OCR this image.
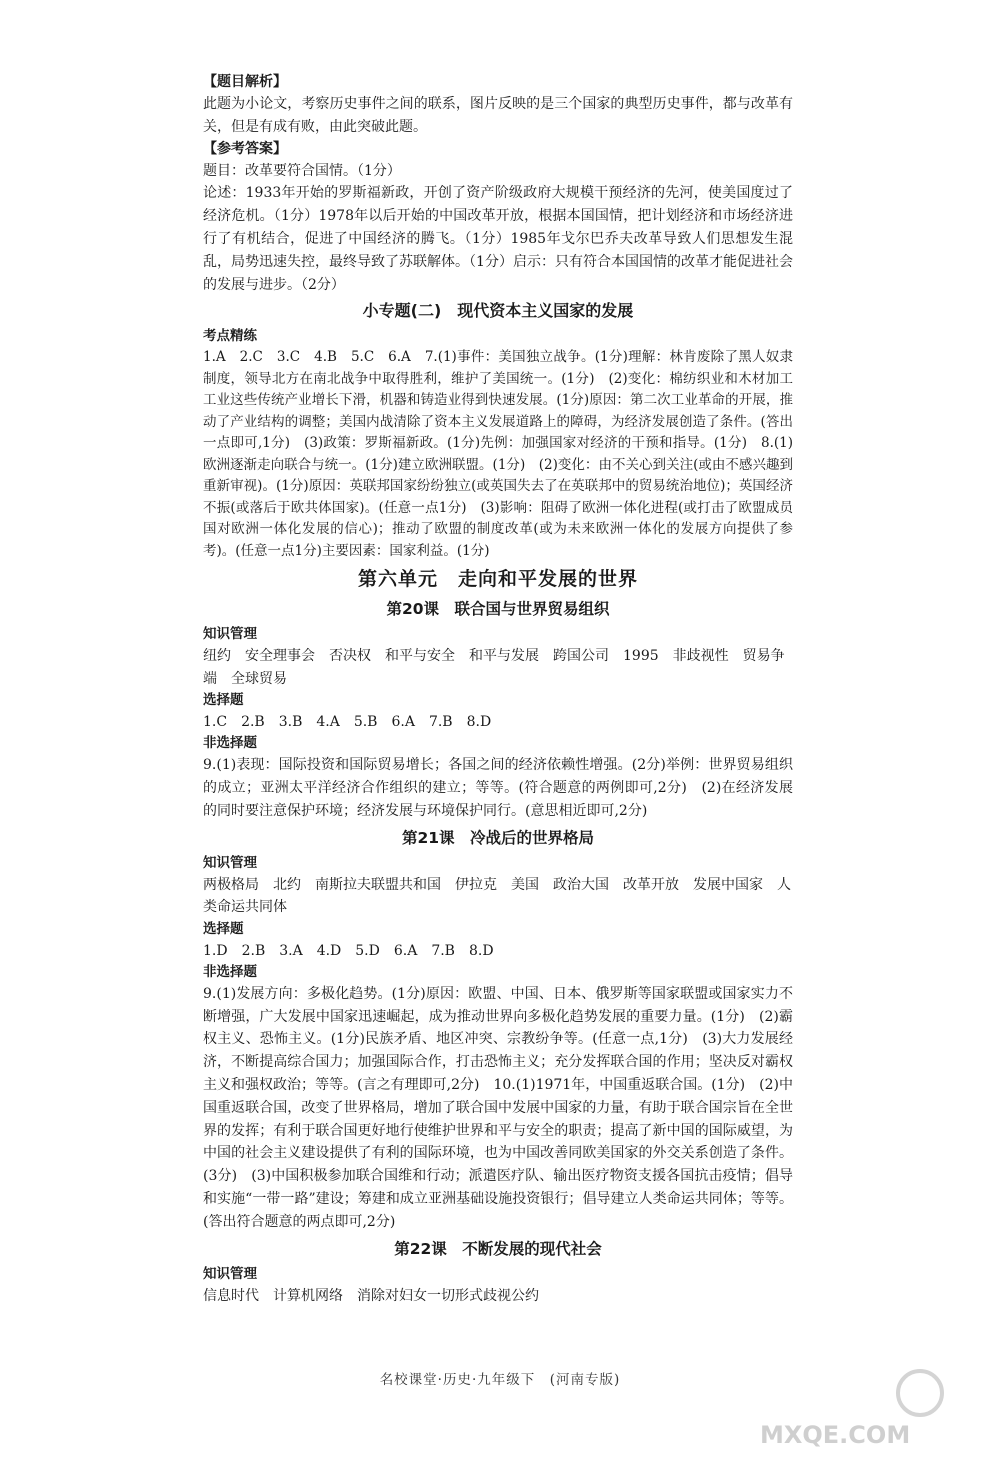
【题目解析】
此题为小论文，考察历史事件之间的联系，图片反映的是三个国家的典型历史事件，都与改革有关，但是有成有败，由此突破此题。
【参考答案】
题目：改革要符合国情。（1分）
论述：1933年开始的罗斯福新政，开创了资产阶级政府大规模干预经济的先河，使美国度过了经济危机。（1分）1978年以后开始的中国改革开放，根据本国国情，把计划经济和市场经济进行了有机结合，促进了中国经济的腾飞。（1分）1985年戈尔巴乔夫改革导致人们思想发生混乱，局势迅速失控，最终导致了苏联解体。（1分）启示：只有符合本国国情的改革才能促进社会的发展与进步。（2分）
小专题(二)　现代资本主义国家的发展
考点精练
1.A　2.C　3.C　4.B　5.C　6.A　7.(1)事件：美国独立战争。(1分)理解：林肯废除了黑人奴隶制度，领导北方在南北战争中取得胜利，维护了美国统一。(1分)　(2)变化：棉纺织业和木材加工工业这些传统产业增长下滑，机器和铸造业得到快速发展。(1分)原因：第二次工业革命的开展，推动了产业结构的调整；美国内战清除了资本主义发展道路上的障碍，为经济发展创造了条件。(答出一点即可,1分)　(3)政策：罗斯福新政。(1分)先例：加强国家对经济的干预和指导。(1分)　8.(1)欧洲逐渐走向联合与统一。(1分)建立欧洲联盟。(1分)　(2)变化：由不关心到关注(或由不感兴趣到重新审视)。(1分)原因：英联邦国家纷纷独立(或英国失去了在英联邦中的贸易统治地位)；英国经济不振(或落后于欧共体国家)。(任意一点1分)　(3)影响：阻碍了欧洲一体化进程(或打击了欧盟成员国对欧洲一体化发展的信心)；推动了欧盟的制度改革(或为未来欧洲一体化的发展方向提供了参考)。(任意一点1分)主要因素：国家利益。(1分)
第六单元　走向和平发展的世界
第20课　联合国与世界贸易组织
知识管理
纽约　安全理事会　否决权　和平与安全　和平与发展　跨国公司　1995　非歧视性　贸易争端　全球贸易
选择题
1.C　2.B　3.B　4.A　5.B　6.A　7.B　8.D
非选择题
9.(1)表现：国际投资和国际贸易增长；各国之间的经济依赖性增强。(2分)举例：世界贸易组织的成立；亚洲太平洋经济合作组织的建立；等等。(符合题意的两例即可,2分)　(2)在经济发展的同时要注意保护环境；经济发展与环境保护同行。(意思相近即可,2分)
第21课　冷战后的世界格局
知识管理
两极格局　北约　南斯拉夫联盟共和国　伊拉克　美国　政治大国　改革开放　发展中国家　人类命运共同体
选择题
1.D　2.B　3.A　4.D　5.D　6.A　7.B　8.D
非选择题
9.(1)发展方向：多极化趋势。(1分)原因：欧盟、中国、日本、俄罗斯等国家联盟或国家实力不断增强，广大发展中国家迅速崛起，成为推动世界向多极化趋势发展的重要力量。(1分)　(2)霸权主义、恐怖主义。(1分)民族矛盾、地区冲突、宗教纷争等。(任意一点,1分)　(3)大力发展经济，不断提高综合国力；加强国际合作，打击恐怖主义；充分发挥联合国的作用；坚决反对霸权主义和强权政治；等等。(言之有理即可,2分)　10.(1)1971年，中国重返联合国。(1分)　(2)中国重返联合国，改变了世界格局，增加了联合国中发展中国家的力量，有助于联合国宗旨在全世界的发挥；有利于联合国更好地行使维护世界和平与安全的职责；提高了新中国的国际威望，为中国的社会主义建设提供了有利的国际环境，也为中国改善同欧美国家的外交关系创造了条件。(3分)　(3)中国积极参加联合国维和行动；派遣医疗队、输出医疗物资支援各国抗击疫情；倡导和实施“一带一路”建设；筹建和成立亚洲基础设施投资银行；倡导建立人类命运共同体；等等。(答出符合题意的两点即可,2分)
第22课　不断发展的现代社会
知识管理
信息时代　计算机网络　消除对妇女一切形式歧视公约
名校课堂·历史·九年级下　(河南专版)
MXQE.COM
